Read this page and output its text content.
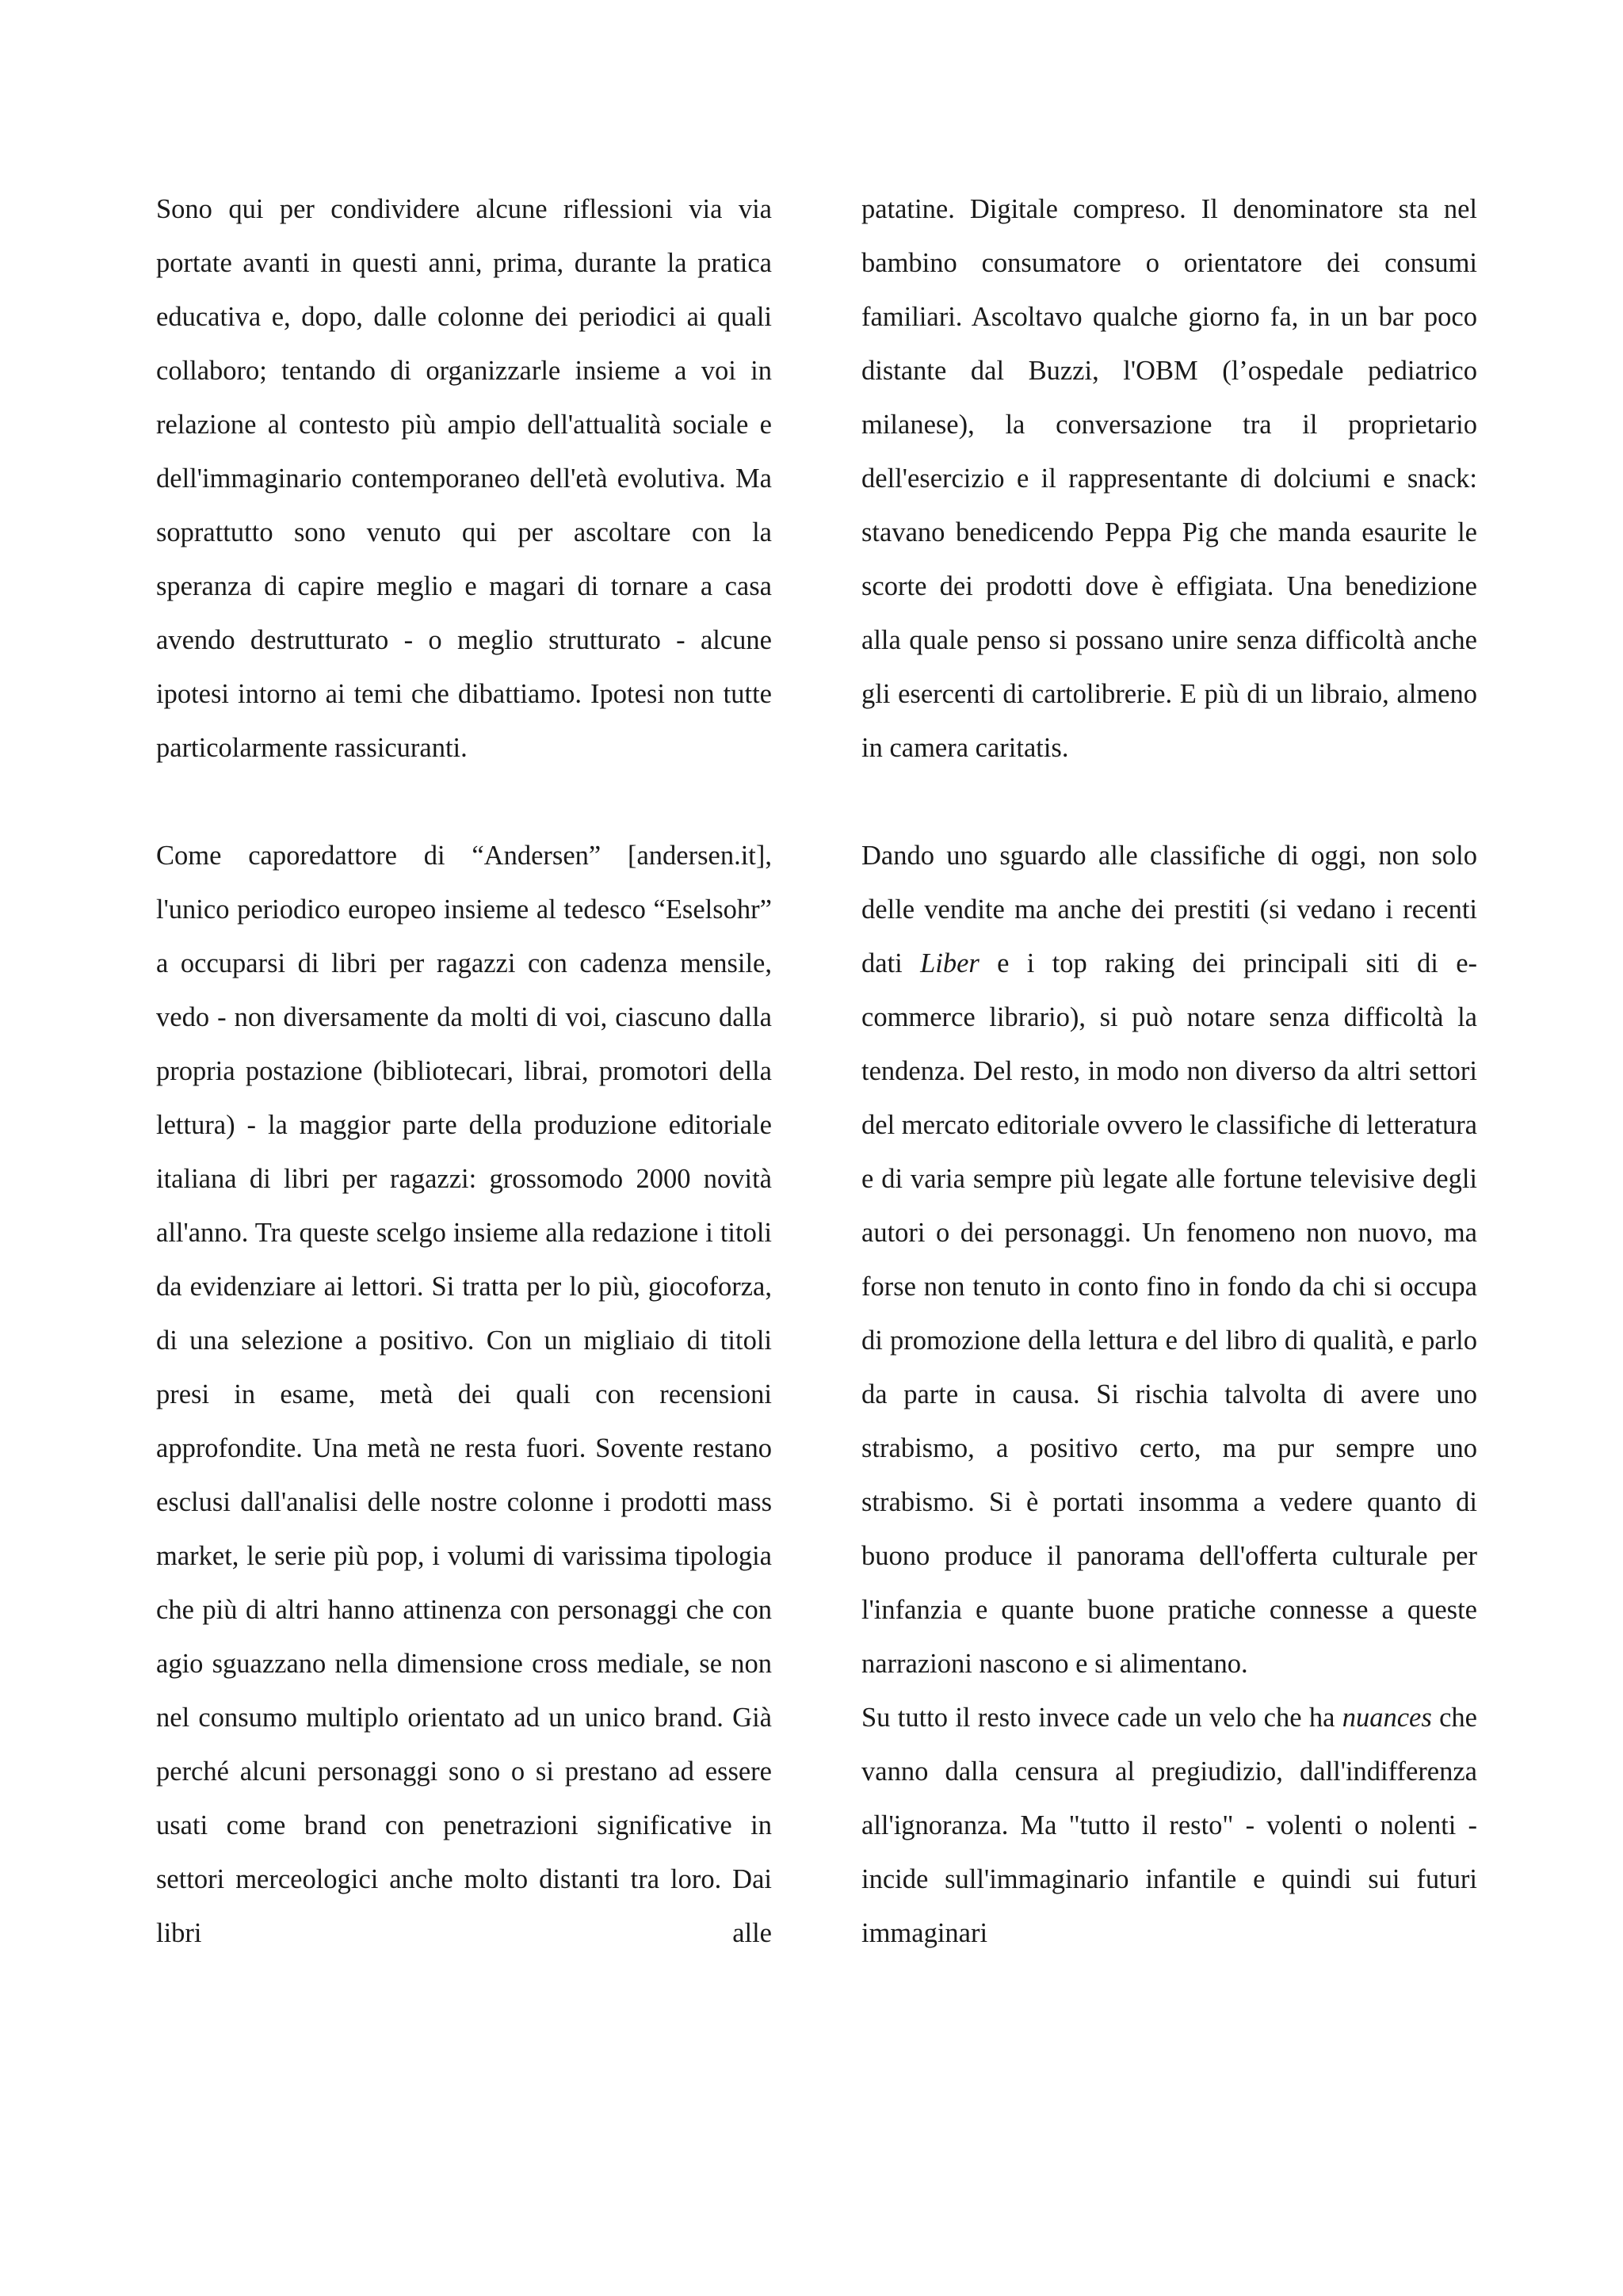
Sono qui per condividere alcune riflessioni via via portate avanti in questi anni, prima, durante la pratica educativa e, dopo, dalle colonne dei periodici ai quali collaboro; tentando di organizzarle insieme a voi in relazione al contesto più ampio dell'attualità sociale e dell'immaginario contemporaneo dell'età evolutiva. Ma soprattutto sono venuto qui per ascoltare con la speranza di capire meglio e magari di tornare a casa avendo destrutturato - o meglio strutturato - alcune ipotesi intorno ai temi che dibattiamo. Ipotesi non tutte particolarmente rassicuranti.

Come caporedattore di “Andersen” [andersen.it], l'unico periodico europeo insieme al tedesco “Eselsohr” a occuparsi di libri per ragazzi con cadenza mensile, vedo - non diversamente da molti di voi, ciascuno dalla propria postazione (bibliotecari, librai, promotori della lettura) - la maggior parte della produzione editoriale italiana di libri per ragazzi: grossomodo 2000 novità all'anno. Tra queste scelgo insieme alla redazione i titoli da evidenziare ai lettori. Si tratta per lo più, giocoforza, di una selezione a positivo. Con un migliaio di titoli presi in esame, metà dei quali con recensioni approfondite. Una metà ne resta fuori. Sovente restano esclusi dall'analisi delle nostre colonne i prodotti mass market, le serie più pop, i volumi di varissima tipologia che più di altri hanno attinenza con personaggi che con agio sguazzano nella dimensione cross mediale, se non nel consumo multiplo orientato ad un unico brand. Già perché alcuni personaggi sono o si prestano ad essere usati come brand con penetrazioni significative in settori merceologici anche molto distanti tra loro. Dai libri alle

patatine. Digitale compreso. Il denominatore sta nel bambino consumatore o orientatore dei consumi familiari. Ascoltavo qualche giorno fa, in un bar poco distante dal Buzzi, l'OBM (l’ospedale pediatrico milanese), la conversazione tra il proprietario dell'esercizio e il rappresentante di dolciumi e snack: stavano benedicendo Peppa Pig che manda esaurite le scorte dei prodotti dove è effigiata. Una benedizione alla quale penso si possano unire senza difficoltà anche gli esercenti di cartolibrerie. E più di un libraio, almeno in camera caritatis.

Dando uno sguardo alle classifiche di oggi, non solo delle vendite ma anche dei prestiti (si vedano i recenti dati Liber e i top raking dei principali siti di e-commerce librario), si può notare senza difficoltà la tendenza. Del resto, in modo non diverso da altri settori del mercato editoriale ovvero le classifiche di letteratura e di varia sempre più legate alle fortune televisive degli autori o dei personaggi. Un fenomeno non nuovo, ma forse non tenuto in conto fino in fondo da chi si occupa di promozione della lettura e del libro di qualità, e parlo da parte in causa. Si rischia talvolta di avere uno strabismo, a positivo certo, ma pur sempre uno strabismo. Si è portati insomma a vedere quanto di buono produce il panorama dell'offerta culturale per l'infanzia e quante buone pratiche connesse a queste narrazioni nascono e si alimentano.

Su tutto il resto invece cade un velo che ha nuances che vanno dalla censura al pregiudizio, dall'indifferenza all'ignoranza. Ma "tutto il resto" - volenti o nolenti - incide sull'immaginario infantile e quindi sui futuri immaginari
